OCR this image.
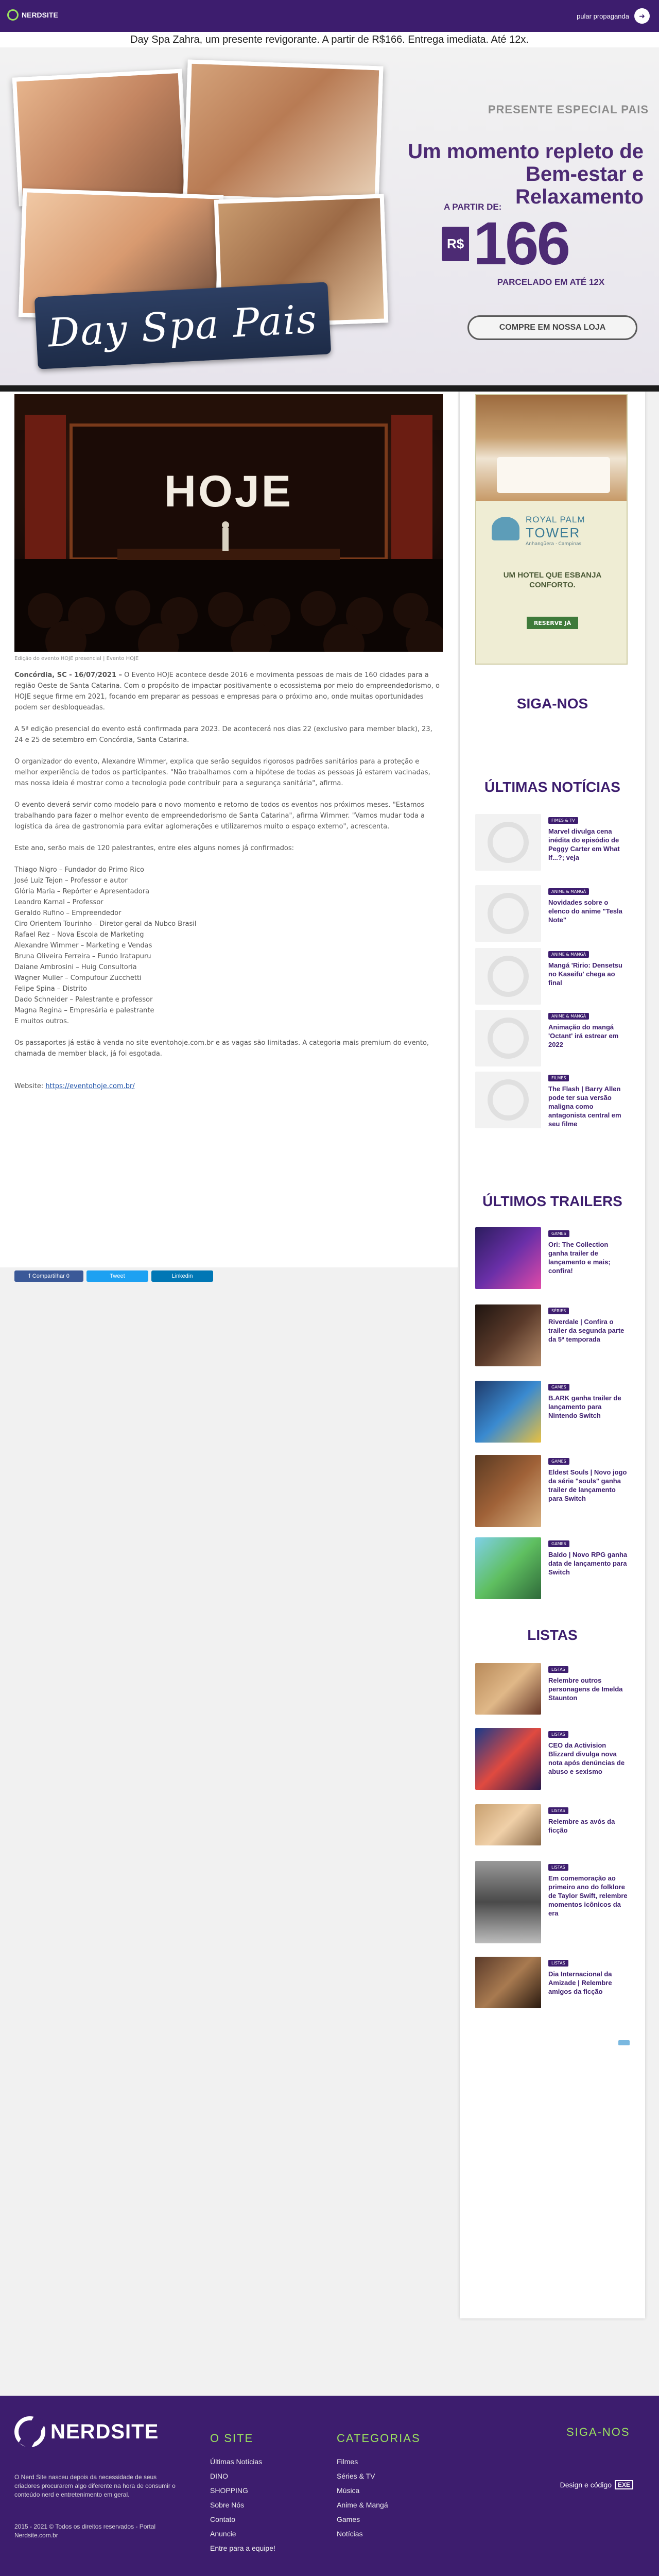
NERDSITE	pular propaganda	➜
Day Spa Zahra, um presente revigorante. A partir de R$166. Entrega imediata. Até 12x.
Day Spa Pais
PRESENTE ESPECIAL PAIS
Um momento repleto de Bem-estar e Relaxamento
A PARTIR DE:
R$ 166
PARCELADO EM ATÉ 12X
COMPRE EM NOSSA LOJA
HOJE
Edição do evento HOJE presencial | Evento HOJE

Concórdia, SC - 16/07/2021 – O Evento HOJE acontece desde 2016 e movimenta pessoas de mais de 160 cidades para a região Oeste de Santa Catarina. Com o propósito de impactar positivamente o ecossistema por meio do empreendedorismo, o HOJE segue firme em 2021, focando em preparar as pessoas e empresas para o próximo ano, onde muitas oportunidades podem ser desbloqueadas.

A 5ª edição presencial do evento está confirmada para 2023. De acontecerá nos dias 22 (exclusivo para member black), 23, 24 e 25 de setembro em Concórdia, Santa Catarina.

O organizador do evento, Alexandre Wimmer, explica que serão seguidos rigorosos padrões sanitários para a proteção e melhor experiência de todos os participantes. "Não trabalhamos com a hipótese de todas as pessoas já estarem vacinadas, mas nossa ideia é mostrar como a tecnologia pode contribuir para a segurança sanitária", afirma.

O evento deverá servir como modelo para o novo momento e retorno de todos os eventos nos próximos meses. "Estamos trabalhando para fazer o melhor evento de empreendedorismo de Santa Catarina", afirma Wimmer. "Vamos mudar toda a logística da área de gastronomia para evitar aglomerações e utilizaremos muito o espaço externo", acrescenta.

Este ano, serão mais de 120 palestrantes, entre eles alguns nomes já confirmados:

Thiago Nigro – Fundador do Primo Rico
José Luiz Tejon – Professor e autor
Glória Maria – Repórter e Apresentadora
Leandro Karnal – Professor
Geraldo Rufino – Empreendedor
Ciro Orientem Tourinho – Diretor-geral da Nubco Brasil
Rafael Rez – Nova Escola de Marketing
Alexandre Wimmer – Marketing e Vendas
Bruna Oliveira Ferreira – Fundo Iratapuru
Daiane Ambrosini – Huig Consultoria
Wagner Muller – Compufour Zucchetti
Felipe Spina – Distrito
Dado Schneider – Palestrante e professor
Magna Regina – Empresária e palestrante
E muitos outros.

Os passaportes já estão à venda no site eventohoje.com.br e as vagas são limitadas. A categoria mais premium do evento, chamada de member black, já foi esgotada.

Website: https://eventohoje.com.br/

f Compartilhar 0	Tweet	Linkedin
ROYAL PALM
TOWER
Anhangüera · Campinas
UM HOTEL QUE ESBANJA CONFORTO.
RESERVE JÁ
SIGA-NOS
ÚLTIMAS NOTÍCIAS
FIMES & TV
Marvel divulga cena inédita do episódio de Peggy Carter em What If...?; veja
ANIME & MANGÁ
Novidades sobre o elenco do anime "Tesla Note"
ANIME & MANGÁ
Mangá 'Ririo: Densetsu no Kaseifu' chega ao final
ANIME & MANGÁ
Animação do mangá 'Octant' irá estrear em 2022
FILMES
The Flash | Barry Allen pode ter sua versão maligna como antagonista central em seu filme
ÚLTIMOS TRAILERS
GAMES
Ori: The Collection ganha trailer de lançamento e mais; confira!
SÉRIES
Riverdale | Confira o trailer da segunda parte da 5ª temporada
GAMES
B.ARK ganha trailer de lançamento para Nintendo Switch
GAMES
Eldest Souls | Novo jogo da série "souls" ganha trailer de lançamento para Switch
GAMES
Baldo | Novo RPG ganha data de lançamento para Switch
LISTAS
LISTAS
Relembre outros personagens de Imelda Staunton
LISTAS
CEO da Activision Blizzard divulga nova nota após denúncias de abuso e sexismo
LISTAS
Relembre as avós da ficção
LISTAS
Em comemoração ao primeiro ano do folklore de Taylor Swift, relembre momentos icônicos da era
LISTAS
Dia Internacional da Amizade | Relembre amigos da ficção
NERDSITE
O Nerd Site nasceu depois da necessidade de seus criadores procurarem algo diferente na hora de consumir o conteúdo nerd e entretenimento em geral.
2015 - 2021 © Todos os direitos reservados - Portal Nerdsite.com.br
O SITE
Últimas Notícias
DINO
SHOPPING
Sobre Nós
Contato
Anuncie
Entre para a equipe!
CATEGORIAS
Filmes
Séries & TV
Música
Anime & Mangá
Games
Notícias
SIGA-NOS
Design e código	EXE
